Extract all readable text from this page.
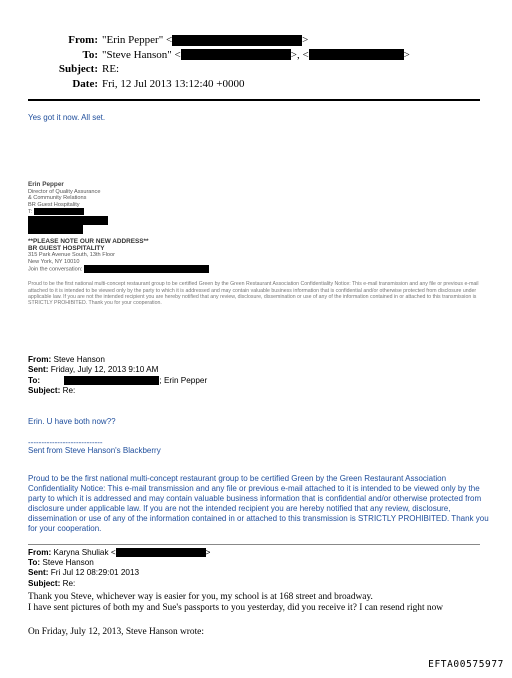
From: "Erin Pepper" <	>
To: "Steve Hanson" <	>, <	>
Subject: RE:
Date: Fri, 12 Jul 2013 13:12:40 +0000
Yes got it now. All set.
Erin Pepper
Director of Quality Assurance
& Community Relations
BR Guest Hospitality
T:
**PLEASE NOTE OUR NEW ADDRESS**
BR GUEST HOSPITALITY
315 Park Avenue South, 13th Floor
New York, NY 10010
Join the conversation:
Proud to be the first national multi-concept restaurant group to be certified Green by the Green Restaurant Association Confidentiality Notice: This e-mail transmission and any file or previous e-mail attached to it is intended to be viewed only by the party to which it is addressed and may contain valuable business information that is confidential and/or otherwise protected from disclosure under applicable law. If you are not the intended recipient you are hereby notified that any review, disclosure, dissemination or use of any of the information contained in or attached to this transmission is STRICTLY PROHIBITED. Thank you for your cooperation.
From: Steve Hanson
Sent: Friday, July 12, 2013 9:10 AM
To:	; Erin Pepper
Subject: Re:
Erin. U have both now??
----------------------------
Sent from Steve Hanson's Blackberry
Proud to be the first national multi-concept restaurant group to be certified Green by the Green Restaurant Association Confidentiality Notice: This e-mail transmission and any file or previous e-mail attached to it is intended to be viewed only by the party to which it is addressed and may contain valuable business information that is confidential and/or otherwise protected from disclosure under applicable law. If you are not the intended recipient you are hereby notified that any review, disclosure, dissemination or use of any of the information contained in or attached to this transmission is STRICTLY PROHIBITED. Thank you for your cooperation.
From: Karyna Shuliak <	>
To: Steve Hanson
Sent: Fri Jul 12 08:29:01 2013
Subject: Re:
Thank you Steve, whichever way is easier for you, my school is at 168 street and broadway.
I have sent pictures of both my and Sue's passports to you yesterday, did you receive it? I can resend right now
On Friday, July 12, 2013, Steve Hanson wrote:
EFTA00575977
